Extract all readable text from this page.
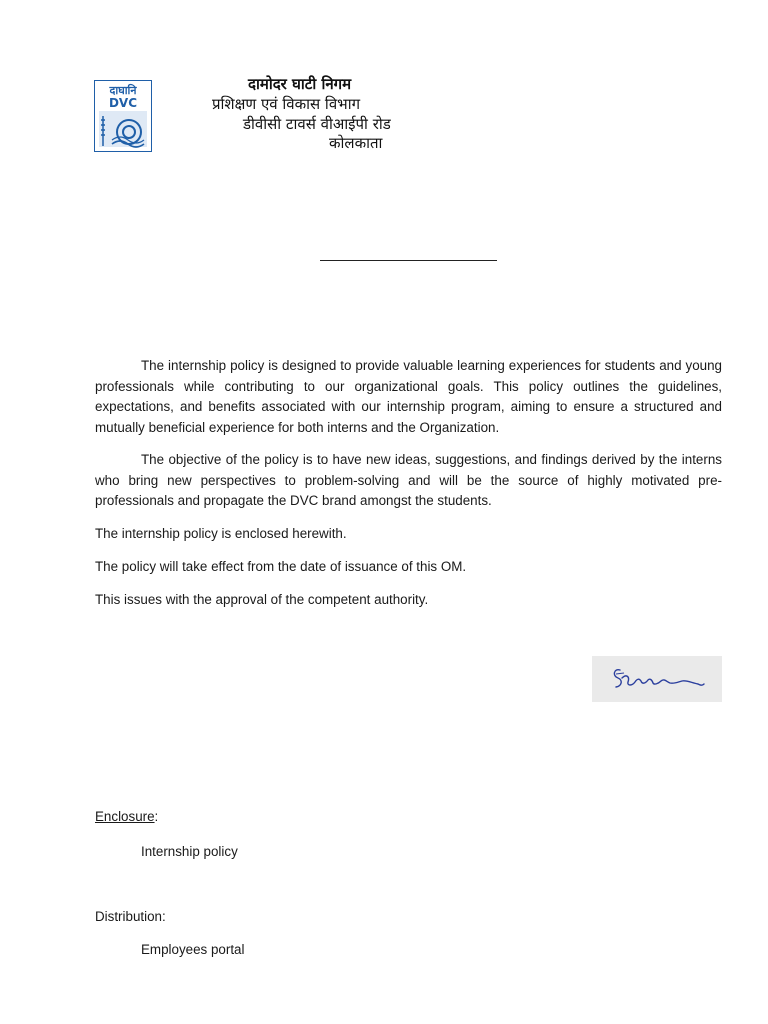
दाघानि
DVC
दामोदर घाटी निगम
प्रशिक्षण एवं विकास विभाग
डीवीसी टावर्स वीआईपी रोड
कोलकाता

The internship policy is designed to provide valuable learning experiences for students and young professionals while contributing to our organizational goals. This policy outlines the guidelines, expectations, and benefits associated with our internship program, aiming to ensure a structured and mutually beneficial experience for both interns and the Organization.

The objective of the policy is to have new ideas, suggestions, and findings derived by the interns who bring new perspectives to problem-solving and will be the source of highly motivated pre-professionals and propagate the DVC brand amongst the students.

The internship policy is enclosed herewith.

The policy will take effect from the date of issuance of this OM.

This issues with the approval of the competent authority.

Enclosure:
Internship policy
Distribution:
Employees portal
